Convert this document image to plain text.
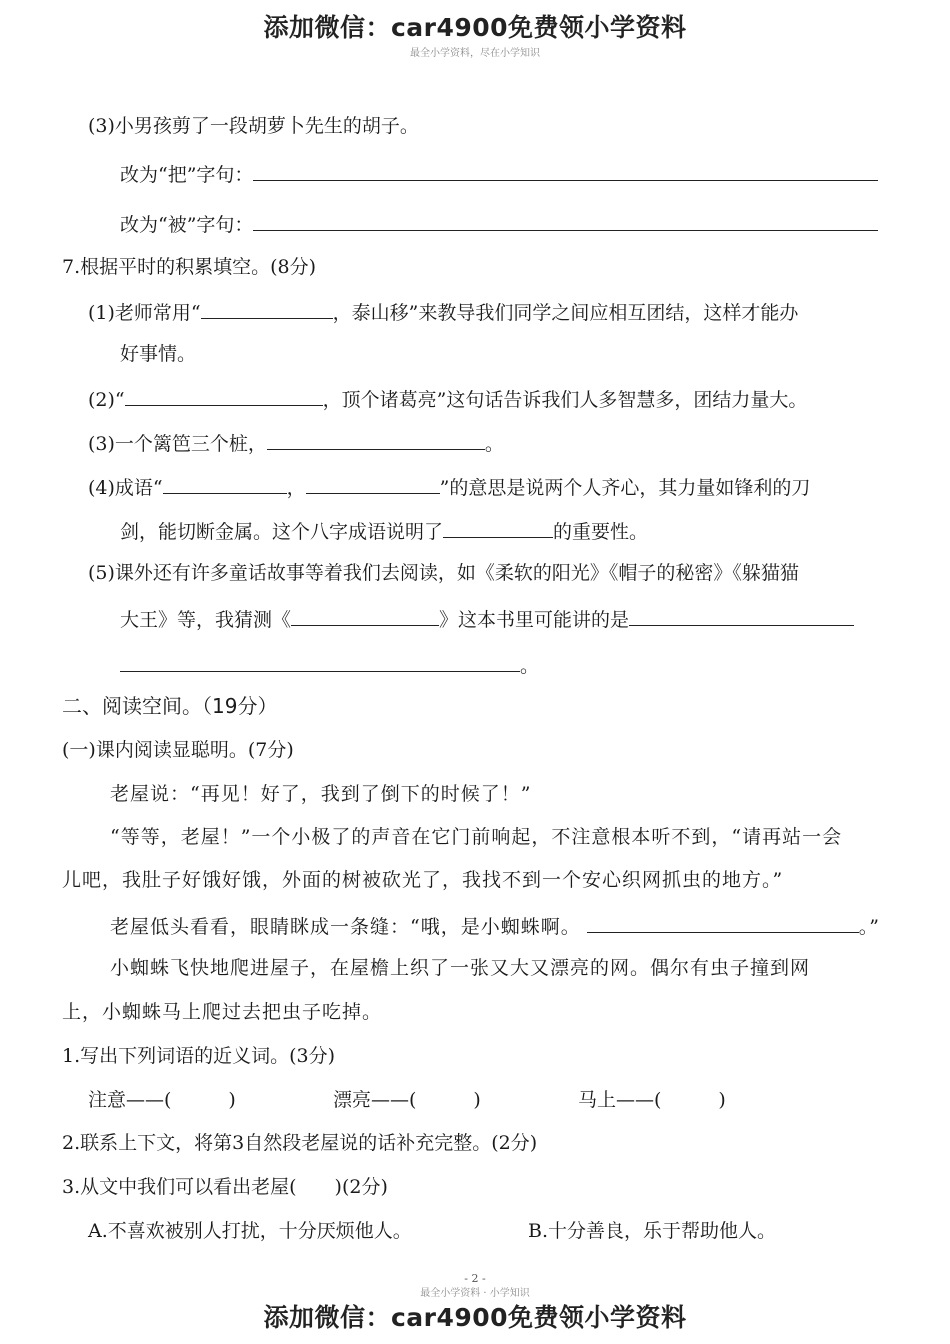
添加微信：car4900免费领小学资料
最全小学资料，尽在小学知识
(3)小男孩剪了一段胡萝卜先生的胡子。
改为“把”字句：
改为“被”字句：
7.根据平时的积累填空。(8分)
(1)老师常用“	，泰山移”来教导我们同学之间应相互团结，这样才能办
好事情。
(2)“	，顶个诸葛亮”这句话告诉我们人多智慧多，团结力量大。
(3)一个篱笆三个桩，	。
(4)成语“	，	”的意思是说两个人齐心，其力量如锋利的刀
剑，能切断金属。这个八字成语说明了	的重要性。
(5)课外还有许多童话故事等着我们去阅读，如《柔软的阳光》《帽子的秘密》《躲猫猫
大王》等，我猜测《	》这本书里可能讲的是
。
二、阅读空间。（19分）
(一)课内阅读显聪明。(7分)
老屋说：“再见！好了，我到了倒下的时候了！”
“等等，老屋！”一个小极了的声音在它门前响起，不注意根本听不到，“请再站一会
儿吧，我肚子好饿好饿，外面的树被砍光了，我找不到一个安心织网抓虫的地方。”
老屋低头看看，眼睛眯成一条缝：“哦，是小蜘蛛啊。	。”
小蜘蛛飞快地爬进屋子，在屋檐上织了一张又大又漂亮的网。偶尔有虫子撞到网
上，小蜘蛛马上爬过去把虫子吃掉。
1.写出下列词语的近义词。(3分)
注意——(　　　)	漂亮——(　　　)	马上——(　　　)
2.联系上下文，将第3自然段老屋说的话补充完整。(2分)
3.从文中我们可以看出老屋(　　)(2分)
A.不喜欢被别人打扰，十分厌烦他人。	B.十分善良，乐于帮助他人。
- 2 -
最全小学资料 · 小学知识
添加微信：car4900免费领小学资料
